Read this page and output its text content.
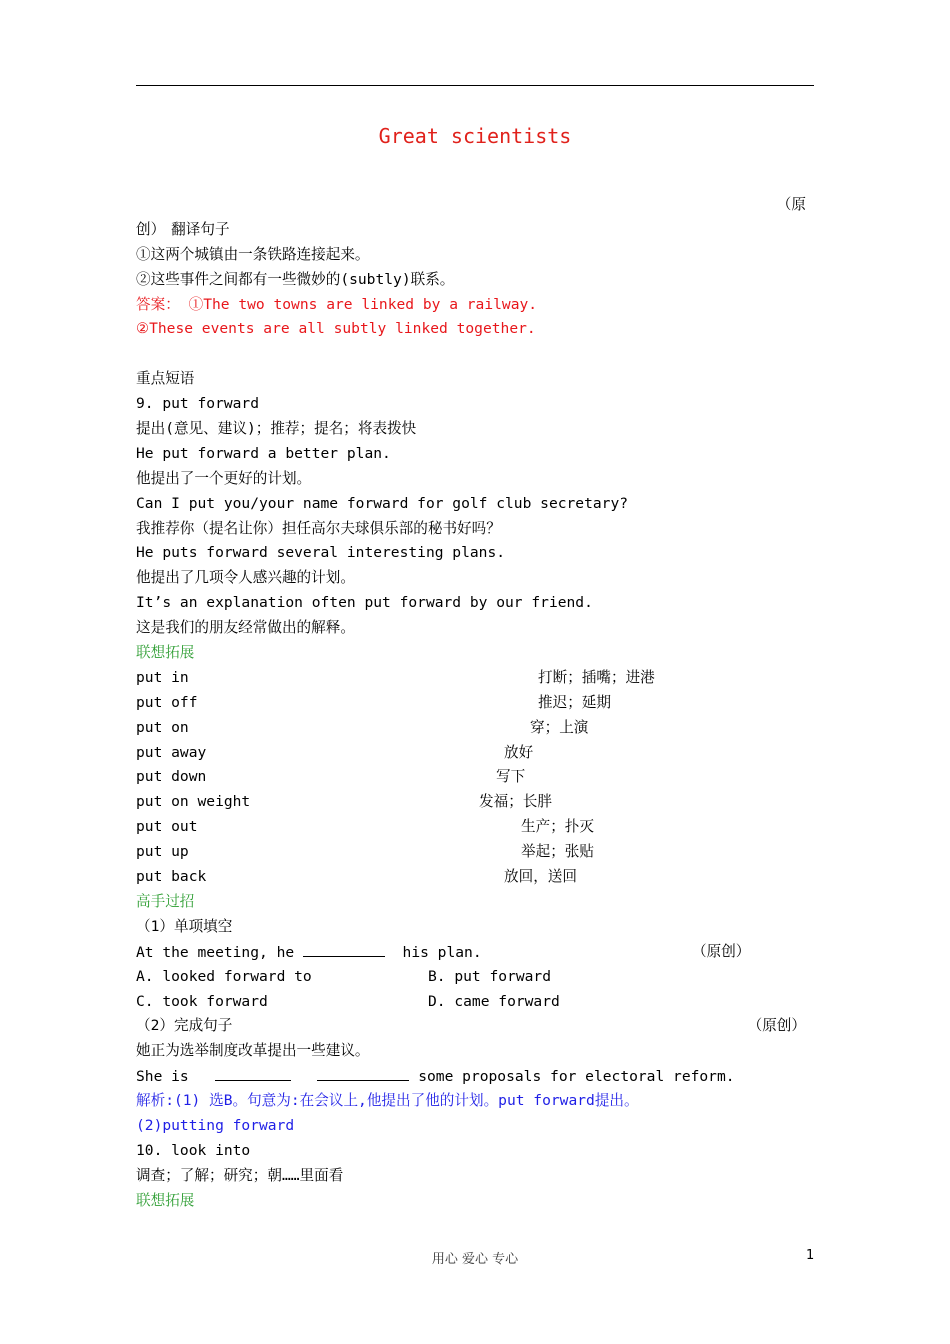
Great scientists

翻译句子

（原

创）
①这两个城镇由一条铁路连接起来。
②这些事件之间都有一些微妙的(subtly)联系。
答案： ①The two towns are linked by a railway.
②These events are all subtly linked together.
重点短语
9. put forward
提出(意见、建议)；推荐；提名；将表拨快
He put forward a better plan.
他提出了一个更好的计划。
Can I put you/your name forward for golf club secretary?
我推荐你（提名让你）担任高尔夫球俱乐部的秘书好吗？
He puts forward several interesting plans.
他提出了几项令人感兴趣的计划。
It’s an explanation often put forward by our friend.
这是我们的朋友经常做出的解释。
联想拓展
put in	打断；插嘴；进港
put off	推迟；延期
put on	穿；上演
put away	放好
put down	写下
put on weight	发福；长胖
put out	生产；扑灭
put up	举起；张贴
put back	放回，送回
高手过招
（1）单项填空
At the meeting, he	his plan.	（原创）
A. looked forward to	B. put forward
C. took forward	D. came forward
（2）完成句子	（原创）
她正为选举制度改革提出一些建议。
She is	some proposals for electoral reform.
解析:(1) 选B。句意为:在会议上,他提出了他的计划。put forward提出。
(2)putting forward
10. look into
调查；了解；研究；朝……里面看
联想拓展
用心 爱心 专心	1
